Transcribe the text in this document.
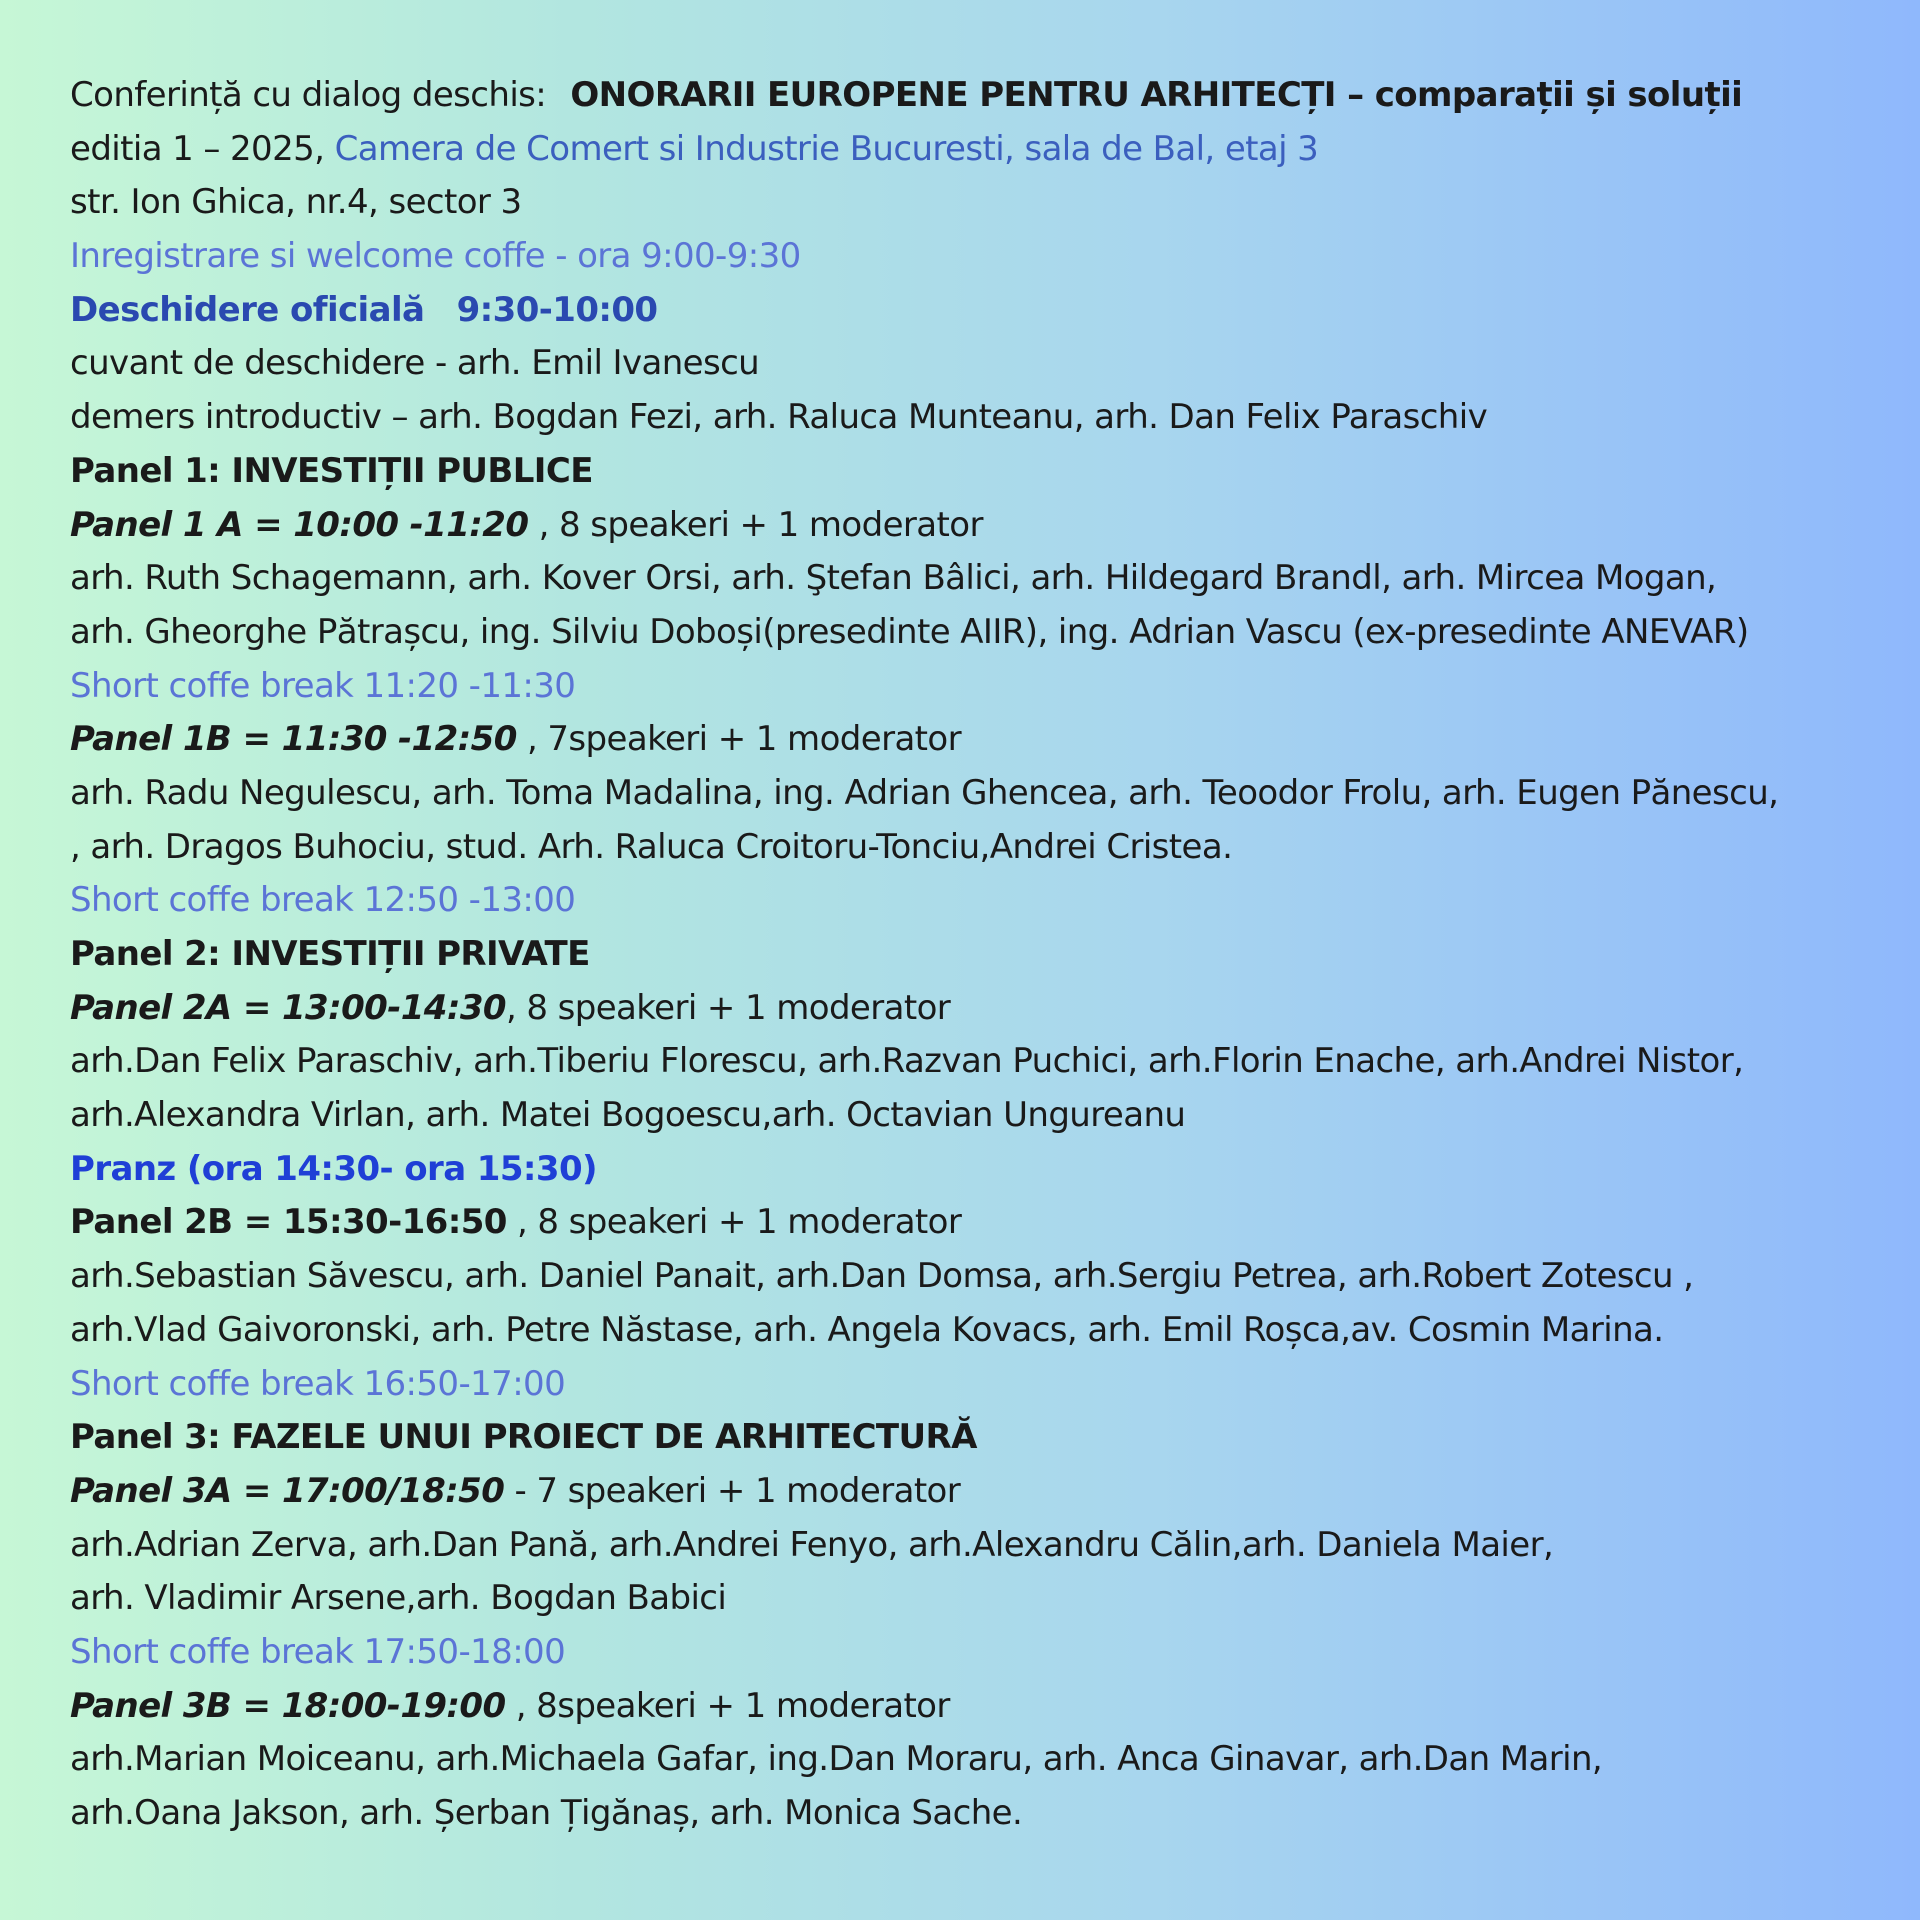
Conferință cu dialog deschis: ONORARII EUROPENE PENTRU ARHITECȚI – comparații și soluții
editia 1 – 2025, Camera de Comert si Industrie Bucuresti, sala de Bal, etaj 3
str. Ion Ghica, nr.4, sector 3
Inregistrare si welcome coffe - ora 9:00-9:30
Deschidere oficială 9:30-10:00
cuvant de deschidere - arh. Emil Ivanescu
demers introductiv – arh. Bogdan Fezi, arh. Raluca Munteanu, arh. Dan Felix Paraschiv
Panel 1: INVESTIȚII PUBLICE
Panel 1 A = 10:00 -11:20 , 8 speakeri + 1 moderator
arh. Ruth Schagemann, arh. Kover Orsi, arh. Ştefan Bâlici, arh. Hildegard Brandl, arh. Mircea Mogan,
arh. Gheorghe Pătrașcu, ing. Silviu Doboși(presedinte AIIR), ing. Adrian Vascu (ex-presedinte ANEVAR)
Short coffe break 11:20 -11:30
Panel 1B = 11:30 -12:50 , 7speakeri + 1 moderator
arh. Radu Negulescu, arh. Toma Madalina, ing. Adrian Ghencea, arh. Teoodor Frolu, arh. Eugen Pănescu,
, arh. Dragos Buhociu, stud. Arh. Raluca Croitoru-Tonciu,Andrei Cristea.
Short coffe break 12:50 -13:00
Panel 2: INVESTIȚII PRIVATE
Panel 2A = 13:00-14:30, 8 speakeri + 1 moderator
arh.Dan Felix Paraschiv, arh.Tiberiu Florescu, arh.Razvan Puchici, arh.Florin Enache, arh.Andrei Nistor,
arh.Alexandra Virlan, arh. Matei Bogoescu,arh. Octavian Ungureanu
Pranz (ora 14:30- ora 15:30)
Panel 2B = 15:30-16:50 , 8 speakeri + 1 moderator
arh.Sebastian Săvescu, arh. Daniel Panait, arh.Dan Domsa, arh.Sergiu Petrea, arh.Robert Zotescu ,
arh.Vlad Gaivoronski, arh. Petre Năstase, arh. Angela Kovacs, arh. Emil Roșca,av. Cosmin Marina.
Short coffe break 16:50-17:00
Panel 3: FAZELE UNUI PROIECT DE ARHITECTURĂ
Panel 3A = 17:00/18:50 - 7 speakeri + 1 moderator
arh.Adrian Zerva, arh.Dan Pană, arh.Andrei Fenyo, arh.Alexandru Călin,arh. Daniela Maier,
arh. Vladimir Arsene,arh. Bogdan Babici
Short coffe break 17:50-18:00
Panel 3B = 18:00-19:00 , 8speakeri + 1 moderator
arh.Marian Moiceanu, arh.Michaela Gafar, ing.Dan Moraru, arh. Anca Ginavar, arh.Dan Marin,
arh.Oana Jakson, arh. Șerban Țigănaș, arh. Monica Sache.
